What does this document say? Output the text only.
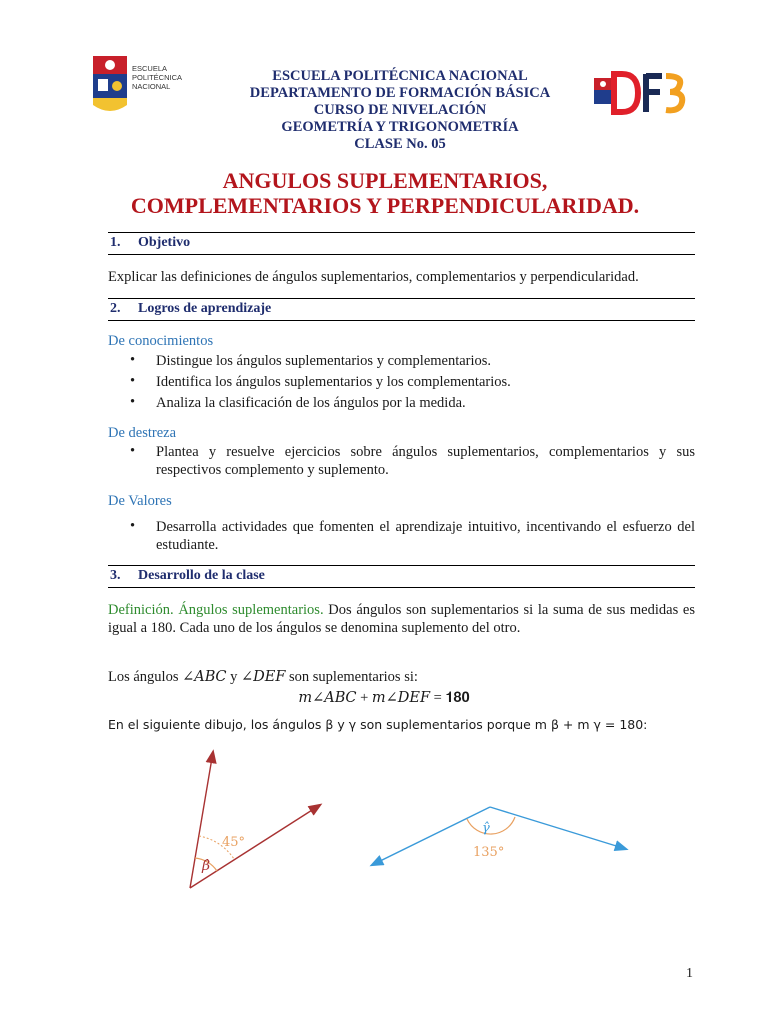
ESCUELA
POLITÉCNICA
NACIONAL
ESCUELA POLITÉCNICA NACIONAL
DEPARTAMENTO DE FORMACIÓN BÁSICA
CURSO DE NIVELACIÓN
GEOMETRÍA Y TRIGONOMETRÍA
CLASE No. 05
ANGULOS SUPLEMENTARIOS,
COMPLEMENTARIOS Y PERPENDICULARIDAD.
1. Objetivo
Explicar las definiciones de ángulos suplementarios, complementarios y perpendicularidad.
2. Logros de aprendizaje
De conocimientos
• Distingue los ángulos suplementarios y complementarios.
• Identifica los ángulos suplementarios y los complementarios.
• Analiza la clasificación de los ángulos por la medida.
De destreza
• Plantea y resuelve ejercicios sobre ángulos suplementarios, complementarios y sus respectivos complemento y suplemento.
De Valores
• Desarrolla actividades que fomenten el aprendizaje intuitivo, incentivando el esfuerzo del estudiante.
3. Desarrollo de la clase
Definición. Ángulos suplementarios. Dos ángulos son suplementarios si la suma de sus medidas es igual a 180. Cada uno de los ángulos se denomina suplemento del otro.
Los ángulos ∠𝐴𝐵𝐶 y ∠𝐷𝐸𝐹 son suplementarios si:
𝑚∠𝐴𝐵𝐶 + 𝑚∠𝐷𝐸𝐹 = 𝟏𝟖𝟎
En el siguiente dibujo, los ángulos β y γ son suplementarios porque m β + m γ = 180:
45°
β̂
γ̂
135°
1
